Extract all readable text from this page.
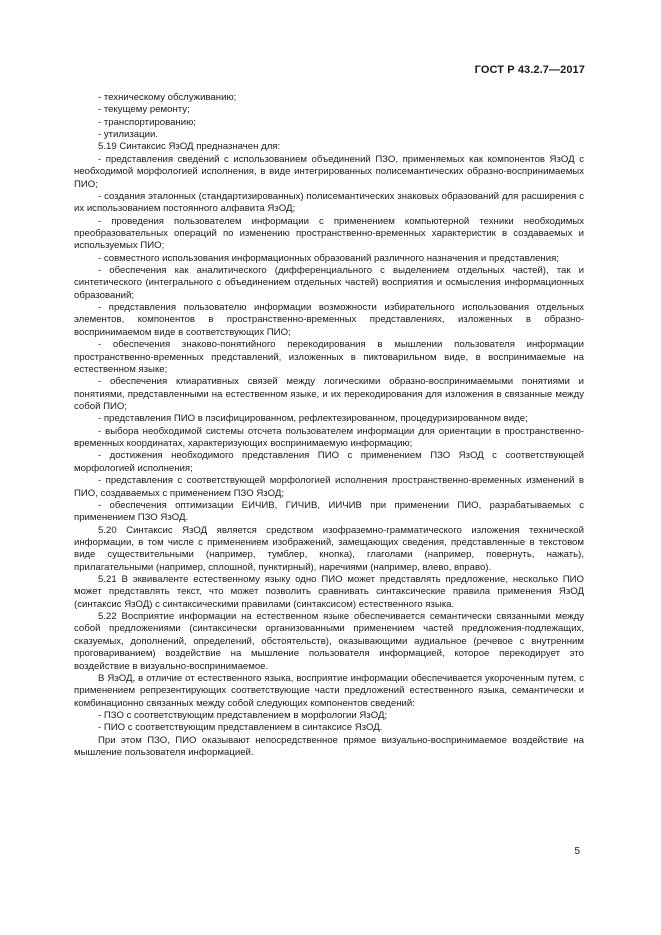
ГОСТ Р 43.2.7—2017

- техническому обслуживанию;

- текущему ремонту;

- транспортированию;

- утилизации.

5.19 Синтаксис ЯзОД предназначен для:

- представления сведений с использованием объединений ПЗО, применяемых как компонентов ЯзОД с необходимой морфологией исполнения, в виде интегрированных полисемантических образно-воспринимаемых ПИО;

- создания эталонных (стандартизированных) полисемантических знаковых образований для расширения с их использованием постоянного алфавита ЯзОД;

- проведения пользователем информации с применением компьютерной техники необходимых преобразовательных операций по изменению пространственно-временных характеристик в создаваемых и используемых ПИО;

- совместного использования информационных образований различного назначения и представления;

- обеспечения как аналитического (дифференциального с выделением отдельных частей), так и синтетического (интегрального с объединением отдельных частей) восприятия и осмысления информационных образований;

- представления пользователю информации возможности избирательного использования отдельных элементов, компонентов в пространственно-временных представлениях, изложенных в образно-воспринимаемом виде в соответствующих ПИО;

- обеспечения знаково-понятийного перекодирования в мышлении пользователя информации пространственно-временных представлений, изложенных в пиктоварильном виде, в воспринимаемые на естественном языке;

- обеспечения клиаративных связей между логическими образно-воспринимаемыми понятиями и понятиями, представленными на естественном языке, и их перекодирования для изложения в связанные между собой ПИО;

- представления ПИО в пэсифицированном, рефлектезированном, процедуризированном виде;

- выбора необходимой системы отсчета пользователем информации для ориентации в пространственно-временных координатах, характеризующих воспринимаемую информацию;

- достижения необходимого представления ПИО с применением ПЗО ЯзОД с соответствующей морфологией исполнения;

- представления с соответствующей морфологией исполнения пространственно-временных изменений в ПИО, создаваемых с применением ПЗО ЯзОД;

- обеспечения оптимизации ЕИЧИВ, ГИЧИВ, ИИЧИВ при применении ПИО, разрабатываемых с применением ПЗО ЯзОД.

5.20 Синтаксис ЯзОД является средством изофраземно-грамматического изложения технической информации, в том числе с применением изображений, замещающих сведения, представленные в текстовом виде существительными (например, тумблер, кнопка), глаголами (например, повернуть, нажать), прилагательными (например, сплошной, пунктирный), наречиями (например, влево, вправо).

5.21 В эквиваленте естественному языку одно ПИО может представлять предложение, несколько ПИО может представлять текст, что может позволить сравнивать синтаксические правила применения ЯзОД (синтаксис ЯзОД) с синтаксическими правилами (синтаксисом) естественного языка.

5.22 Восприятие информации на естественном языке обеспечивается семантически связанными между собой предложениями (синтаксически организованными применением частей предложения-подлежащих, сказуемых, дополнений, определений, обстоятельств), оказывающими аудиальное (речевое с внутренним проговариванием) воздействие на мышление пользователя информацией, которое перекодирует это воздействие в визуально-воспринимаемое.

В ЯзОД, в отличие от естественного языка, восприятие информации обеспечивается укороченным путем, с применением репрезентирующих соответствующие части предложений естественного языка, семантически и комбинационно связанных между собой следующих компонентов сведений:

- ПЗО с соответствующим представлением в морфологии ЯзОД;

- ПИО с соответствующим представлением в синтаксисе ЯзОД.

При этом ПЗО, ПИО оказывают непосредственное прямое визуально-воспринимаемое воздействие на мышление пользователя информацией.

5
